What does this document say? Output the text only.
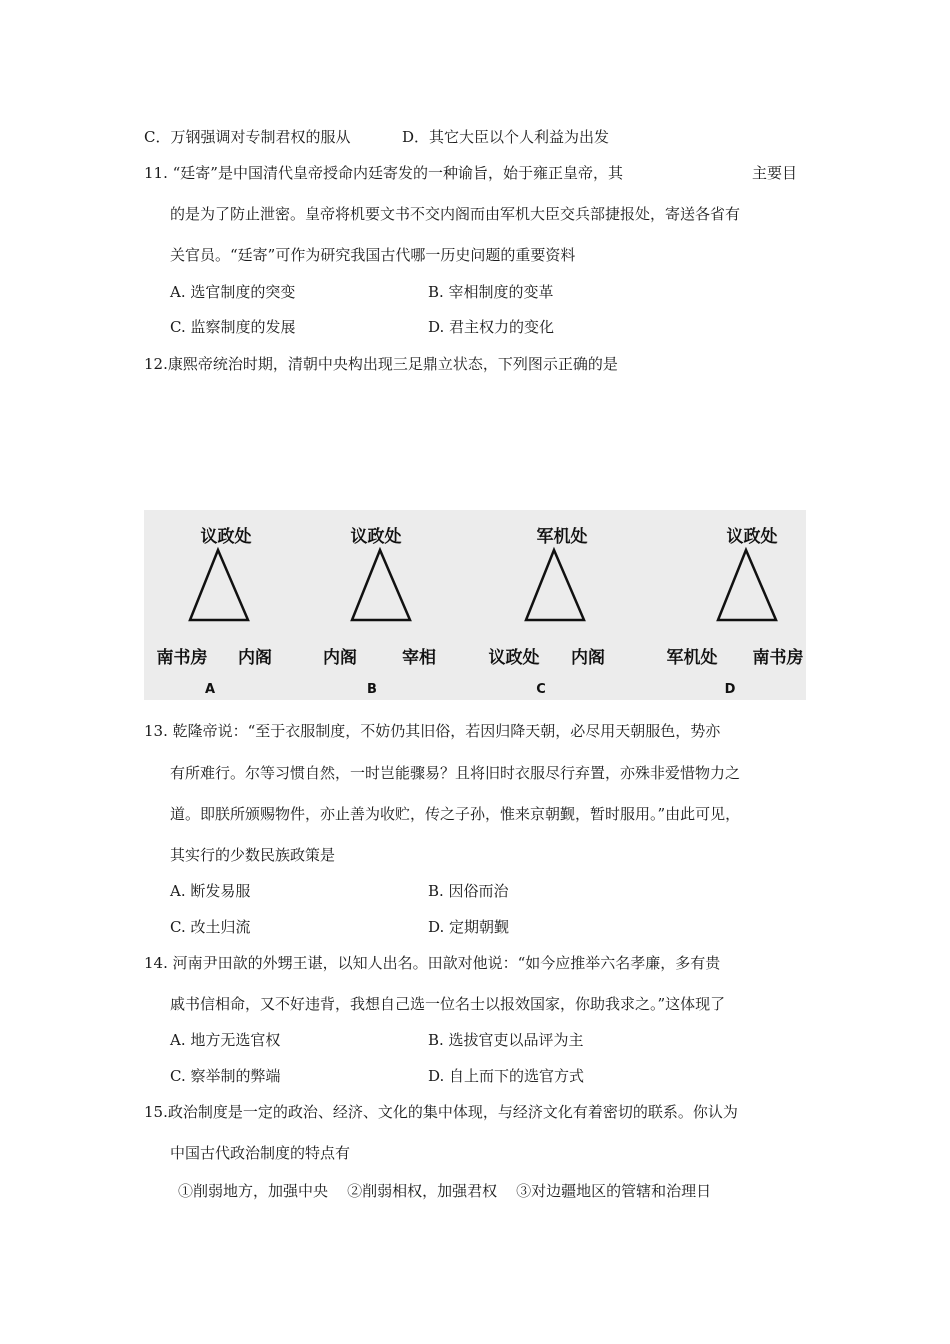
C．万钢强调对专制君权的服从	D．其它大臣以个人利益为出发
11. “廷寄”是中国清代皇帝授命内廷寄发的一种谕旨，始于雍正皇帝，其	主要目
的是为了防止泄密。皇帝将机要文书不交内阁而由军机大臣交兵部捷报处，寄送各省有
关官员。“廷寄”可作为研究我国古代哪一历史问题的重要资料
A. 选官制度的突变	B. 宰相制度的变革
C. 监察制度的发展	D. 君主权力的变化
12.康熙帝统治时期，清朝中央构出现三足鼎立状态，下列图示正确的是
议政处
南书房 内阁
A
议政处
内阁	宰相
B
军机处
议政处 内阁
C
议政处
军机处 南书房
D
13. 乾隆帝说：“至于衣服制度，不妨仍其旧俗，若因归降天朝，必尽用天朝服色，势亦
有所难行。尔等习惯自然，一时岂能骤易？且将旧时衣服尽行弃置，亦殊非爱惜物力之
道。即朕所颁赐物件，亦止善为收贮，传之子孙，惟来京朝觐，暂时服用。”由此可见，
其实行的少数民族政策是
A. 断发易服	B. 因俗而治
C. 改土归流	D. 定期朝觐
14. 河南尹田歆的外甥王谌，以知人出名。田歆对他说：“如今应推举六名孝廉，多有贵
戚书信相命，又不好违背，我想自己选一位名士以报效国家，你助我求之。”这体现了
A. 地方无选官权	B. 选拔官吏以品评为主
C. 察举制的弊端	D. 自上而下的选官方式
15.政治制度是一定的政治、经济、文化的集中体现，与经济文化有着密切的联系。你认为
中国古代政治制度的特点有
①削弱地方，加强中央    ②削弱相权，加强君权    ③对边疆地区的管辖和治理日
